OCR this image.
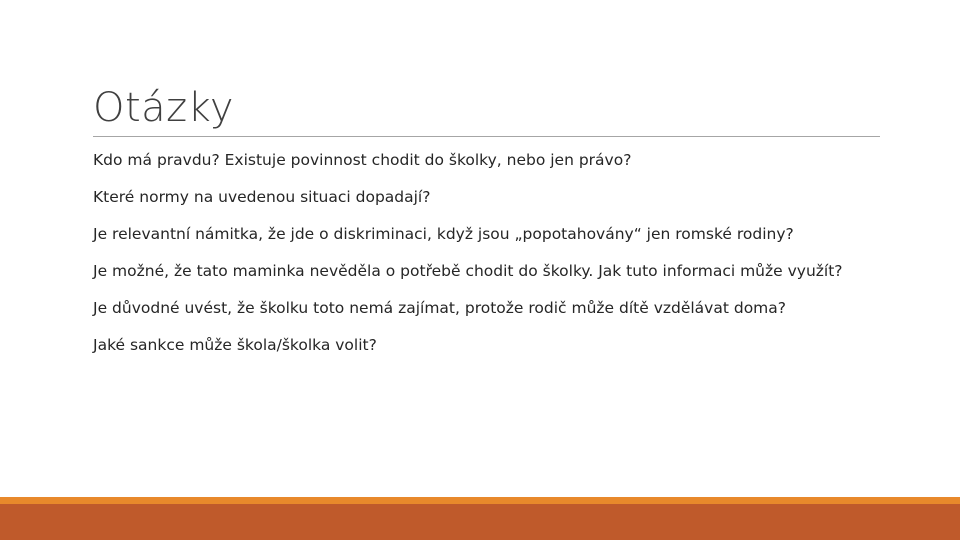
Otázky
Kdo má pravdu? Existuje povinnost chodit do školky, nebo jen právo?
Které normy na uvedenou situaci dopadají?
Je relevantní námitka, že jde o diskriminaci, když jsou „popotahovány“ jen romské rodiny?
Je možné, že tato maminka nevěděla o potřebě chodit do školky. Jak tuto informaci může využít?
Je důvodné uvést, že školku toto nemá zajímat, protože rodič může dítě vzdělávat doma?
Jaké sankce může škola/školka volit?
